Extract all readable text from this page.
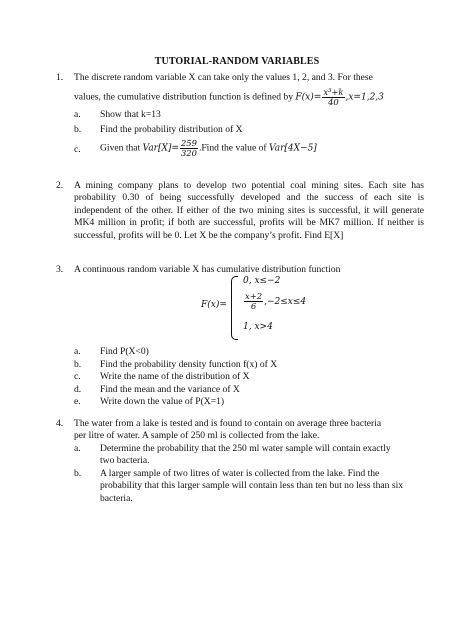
TUTORIAL-RANDOM VARIABLES
1. The discrete random variable X can take only the values 1, 2, and 3. For these
values, the cumulative distribution function is defined by $F(x)= \frac{\text{x³+k}}{40} ,x=1,2,3$
a. Show that k=13
b. Find the probability distribution of X
c. Given that $Var[X]= \frac{259}{320}$ .Find the value of Var[4X−5]
2. A mining company plans to develop two potential coal mining sites. Each site has probability 0.30 of being successfully developed and the success of each site is independent of the other. If either of the two mining sites is successful, it will generate MK4 million in profit; if both are successful, profits will be MK7 million. If neither is successful, profits will be 0. Let X be the company’s profit. Find E[X]
3. A continuous random variable X has cumulative distribution function
F(x)=
0, x≤−2
$\frac{x+2}{6} ,-2\le x\le 4$
1, x>4
a. Find P(X<0)
b. Find the probability density function f(x) of X
c. Write the name of the distribution of X
d. Find the mean and the variance of X
e. Write down the value of P(X=1)
4. The water from a lake is tested and is found to contain on average three bacteria
per litre of water. A sample of 250 ml is collected from the lake.
a. Determine the probability that the 250 ml water sample will contain exactly
two bacteria.
b. A larger sample of two litres of water is collected from the lake. Find the
probability that this larger sample will contain less than ten but no less than six
bacteria.
